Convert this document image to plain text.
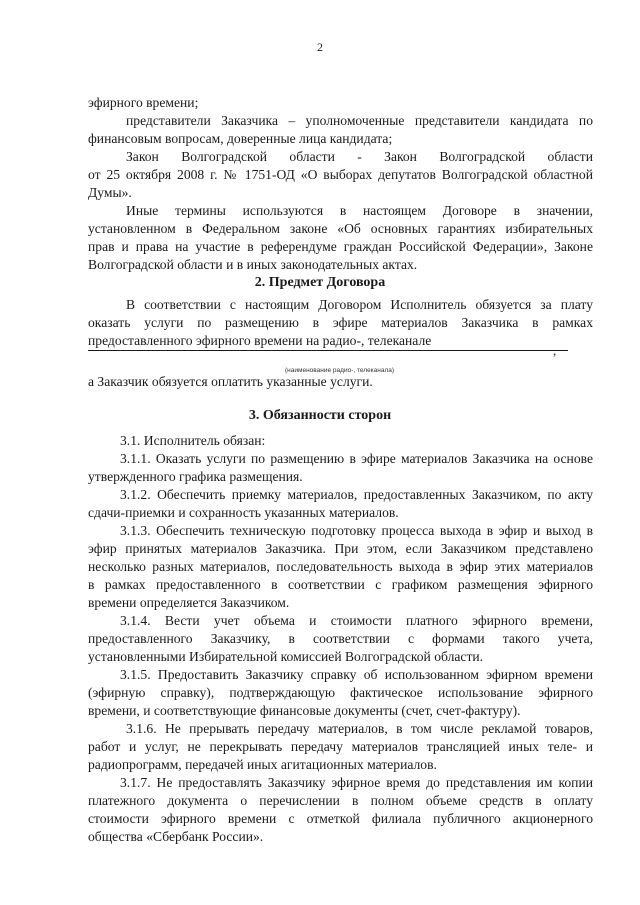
2
эфирного времени;
представители Заказчика – уполномоченные представители кандидата по
финансовым вопросам, доверенные лица кандидата;
Закон Волгоградской области - Закон Волгоградской области
от 25 октября 2008 г. № 1751-ОД «О выборах депутатов Волгоградской областной
Думы».
Иные термины используются в настоящем Договоре в значении,
установленном в Федеральном законе «Об основных гарантиях избирательных
прав и права на участие в референдуме граждан Российской Федерации», Законе
Волгоградской области и в иных законодательных актах.
2. Предмет Договора
В соответствии с настоящим Договором Исполнитель обязуется за плату
оказать услуги по размещению в эфире материалов Заказчика в рамках
предоставленного эфирного времени на радио-, телеканале
,
(наименование радио-, телеканала)
а Заказчик обязуется оплатить указанные услуги.
3. Обязанности сторон
3.1. Исполнитель обязан:
3.1.1. Оказать услуги по размещению в эфире материалов Заказчика на основе
утвержденного графика размещения.
3.1.2. Обеспечить приемку материалов, предоставленных Заказчиком, по акту
сдачи-приемки и сохранность указанных материалов.
3.1.3. Обеспечить техническую подготовку процесса выхода в эфир и выход в
эфир принятых материалов Заказчика. При этом, если Заказчиком представлено
несколько разных материалов, последовательность выхода в эфир этих материалов
в рамках предоставленного в соответствии с графиком размещения эфирного
времени определяется Заказчиком.
3.1.4. Вести учет объема и стоимости платного эфирного времени,
предоставленного Заказчику, в соответствии с формами такого учета,
установленными Избирательной комиссией Волгоградской области.
3.1.5. Предоставить Заказчику справку об использованном эфирном времени
(эфирную справку), подтверждающую фактическое использование эфирного
времени, и соответствующие финансовые документы (счет, счет-фактуру).
3.1.6. Не прерывать передачу материалов, в том числе рекламой товаров,
работ и услуг, не перекрывать передачу материалов трансляцией иных теле- и
радиопрограмм, передачей иных агитационных материалов.
3.1.7. Не предоставлять Заказчику эфирное время до представления им копии
платежного документа о перечислении в полном объеме средств в оплату
стоимости эфирного времени с отметкой филиала публичного акционерного
общества «Сбербанк России».
